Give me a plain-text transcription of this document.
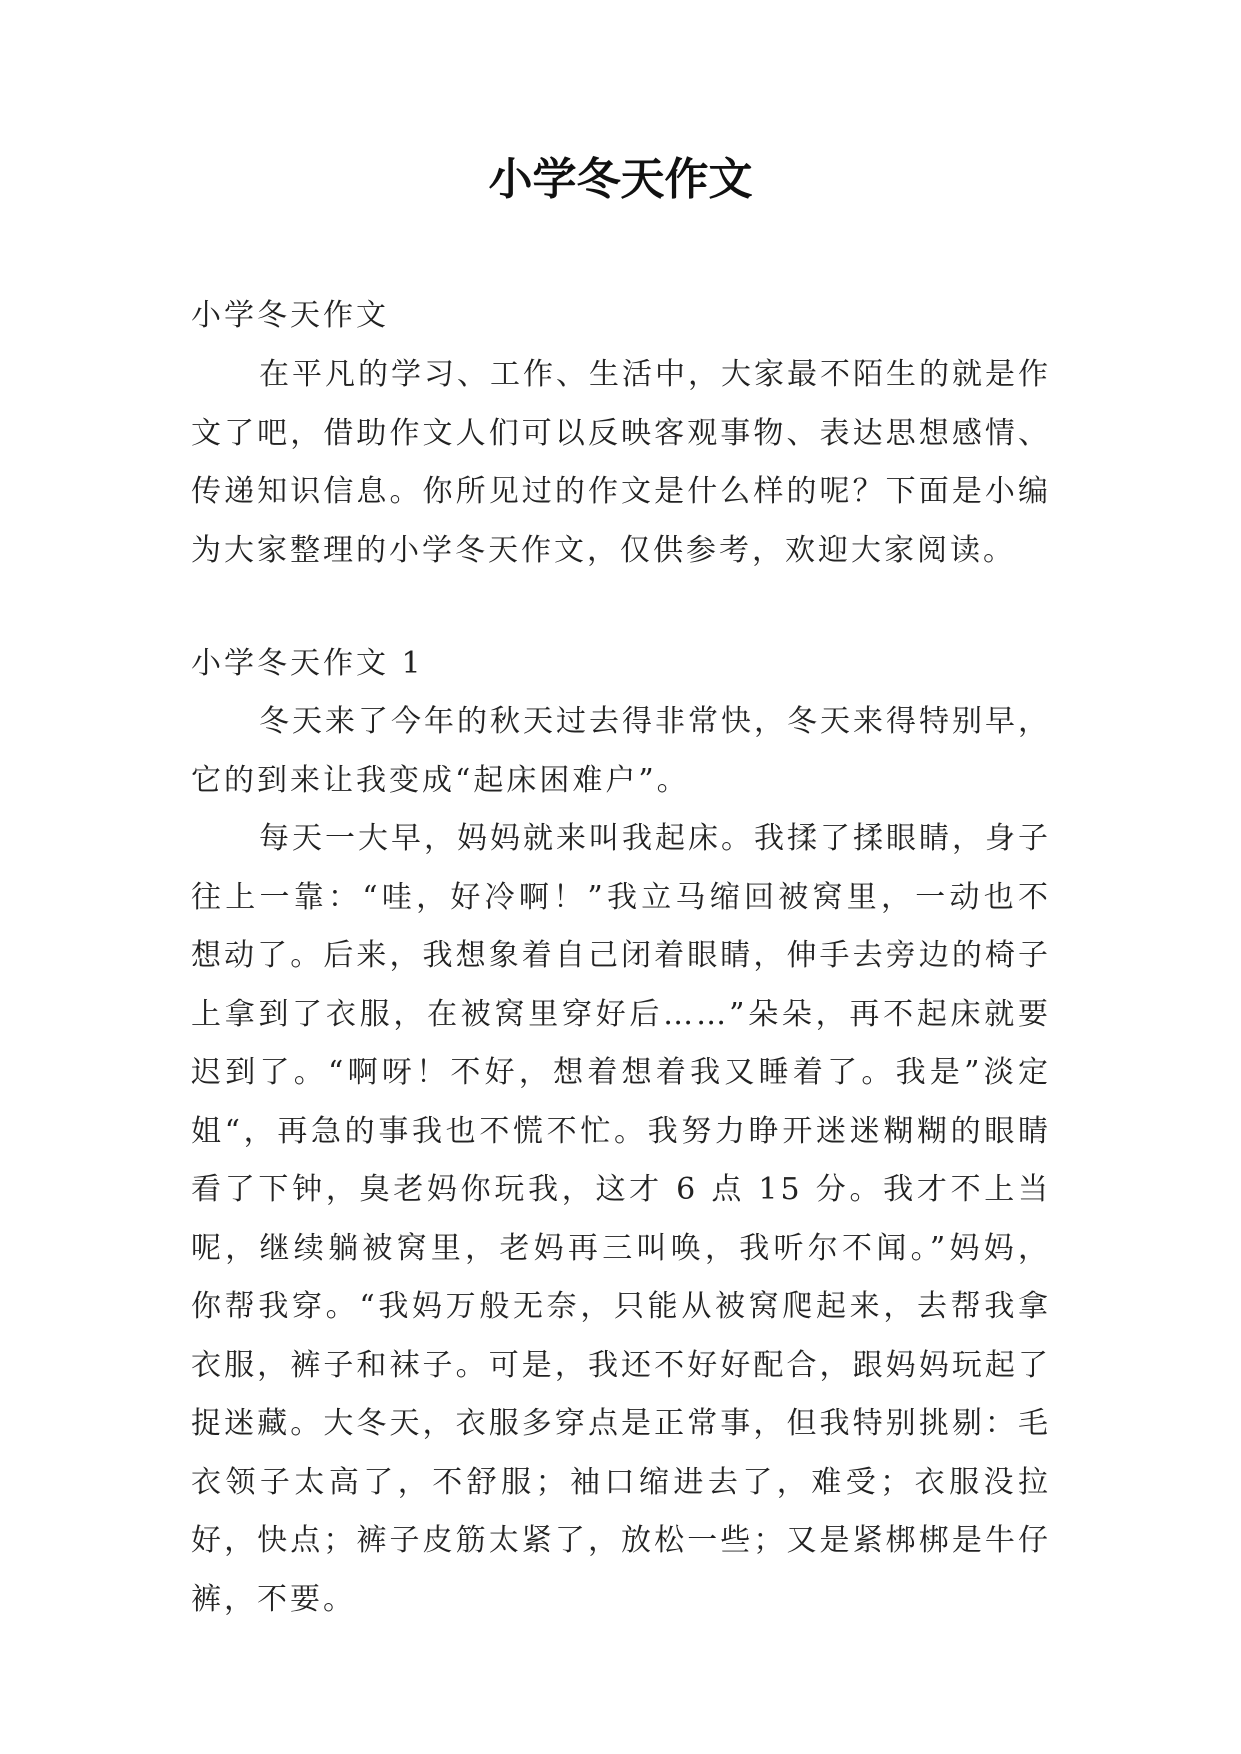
小学冬天作文

小学冬天作文

在平凡的学习、工作、生活中，大家最不陌生的就是作文了吧，借助作文人们可以反映客观事物、表达思想感情、传递知识信息。你所见过的作文是什么样的呢？下面是小编为大家整理的小学冬天作文，仅供参考，欢迎大家阅读。

小学冬天作文 1

冬天来了今年的秋天过去得非常快，冬天来得特别早，它的到来让我变成“起床困难户”。

每天一大早，妈妈就来叫我起床。我揉了揉眼睛，身子往上一靠：“哇，好冷啊！”我立马缩回被窝里，一动也不想动了。后来，我想象着自己闭着眼睛，伸手去旁边的椅子上拿到了衣服，在被窝里穿好后……”朵朵，再不起床就要迟到了。“啊呀！不好，想着想着我又睡着了。我是”淡定姐“，再急的事我也不慌不忙。我努力睁开迷迷糊糊的眼睛看了下钟，臭老妈你玩我，这才 6 点 15 分。我才不上当呢，继续躺被窝里，老妈再三叫唤，我听尔不闻。”妈妈，你帮我穿。“我妈万般无奈，只能从被窝爬起来，去帮我拿衣服，裤子和袜子。可是，我还不好好配合，跟妈妈玩起了捉迷藏。大冬天，衣服多穿点是正常事，但我特别挑剔：毛衣领子太高了，不舒服；袖口缩进去了，难受；衣服没拉好，快点；裤子皮筋太紧了，放松一些；又是紧梆梆是牛仔裤，不要。
